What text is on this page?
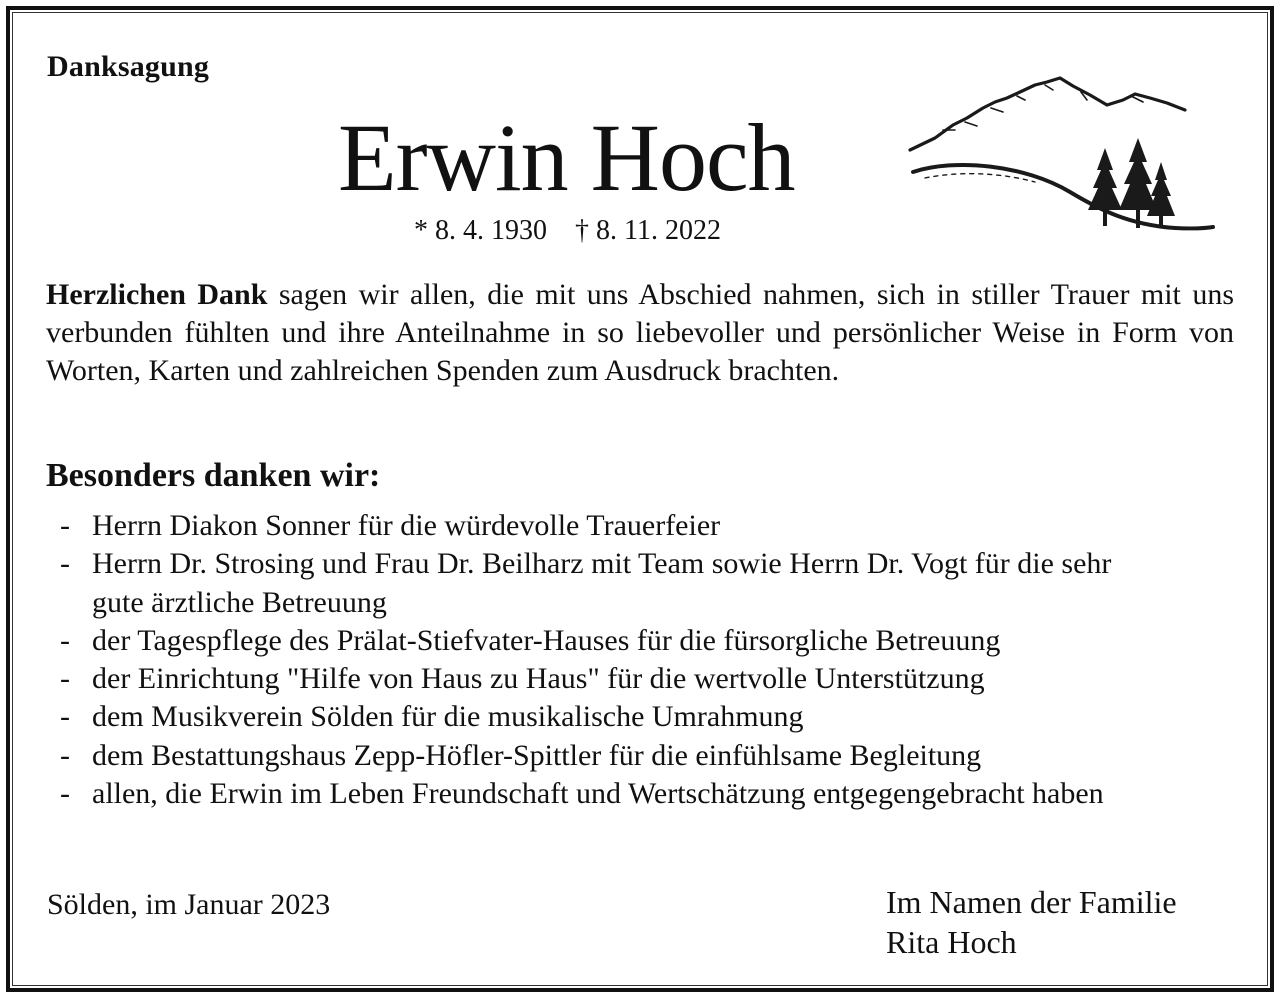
Danksagung
Erwin Hoch
* 8. 4. 1930 † 8. 11. 2022

Herzlichen Dank sagen wir allen, die mit uns Abschied nahmen, sich in stiller Trauer mit uns verbunden fühlten und ihre Anteilnahme in so liebevoller und persönlicher Weise in Form von Worten, Karten und zahlreichen Spenden zum Ausdruck brachten.

Besonders danken wir:
- Herrn Diakon Sonner für die würdevolle Trauerfeier
- Herrn Dr. Strosing und Frau Dr. Beilharz mit Team sowie Herrn Dr. Vogt für die sehr gute ärztliche Betreuung
- der Tagespflege des Prälat-Stiefvater-Hauses für die fürsorgliche Betreuung
- der Einrichtung "Hilfe von Haus zu Haus" für die wertvolle Unterstützung
- dem Musikverein Sölden für die musikalische Umrahmung
- dem Bestattungshaus Zepp-Höfler-Spittler für die einfühlsame Begleitung
- allen, die Erwin im Leben Freundschaft und Wertschätzung entgegengebracht haben
Sölden, im Januar 2023	Im Namen der Familie
Rita Hoch
